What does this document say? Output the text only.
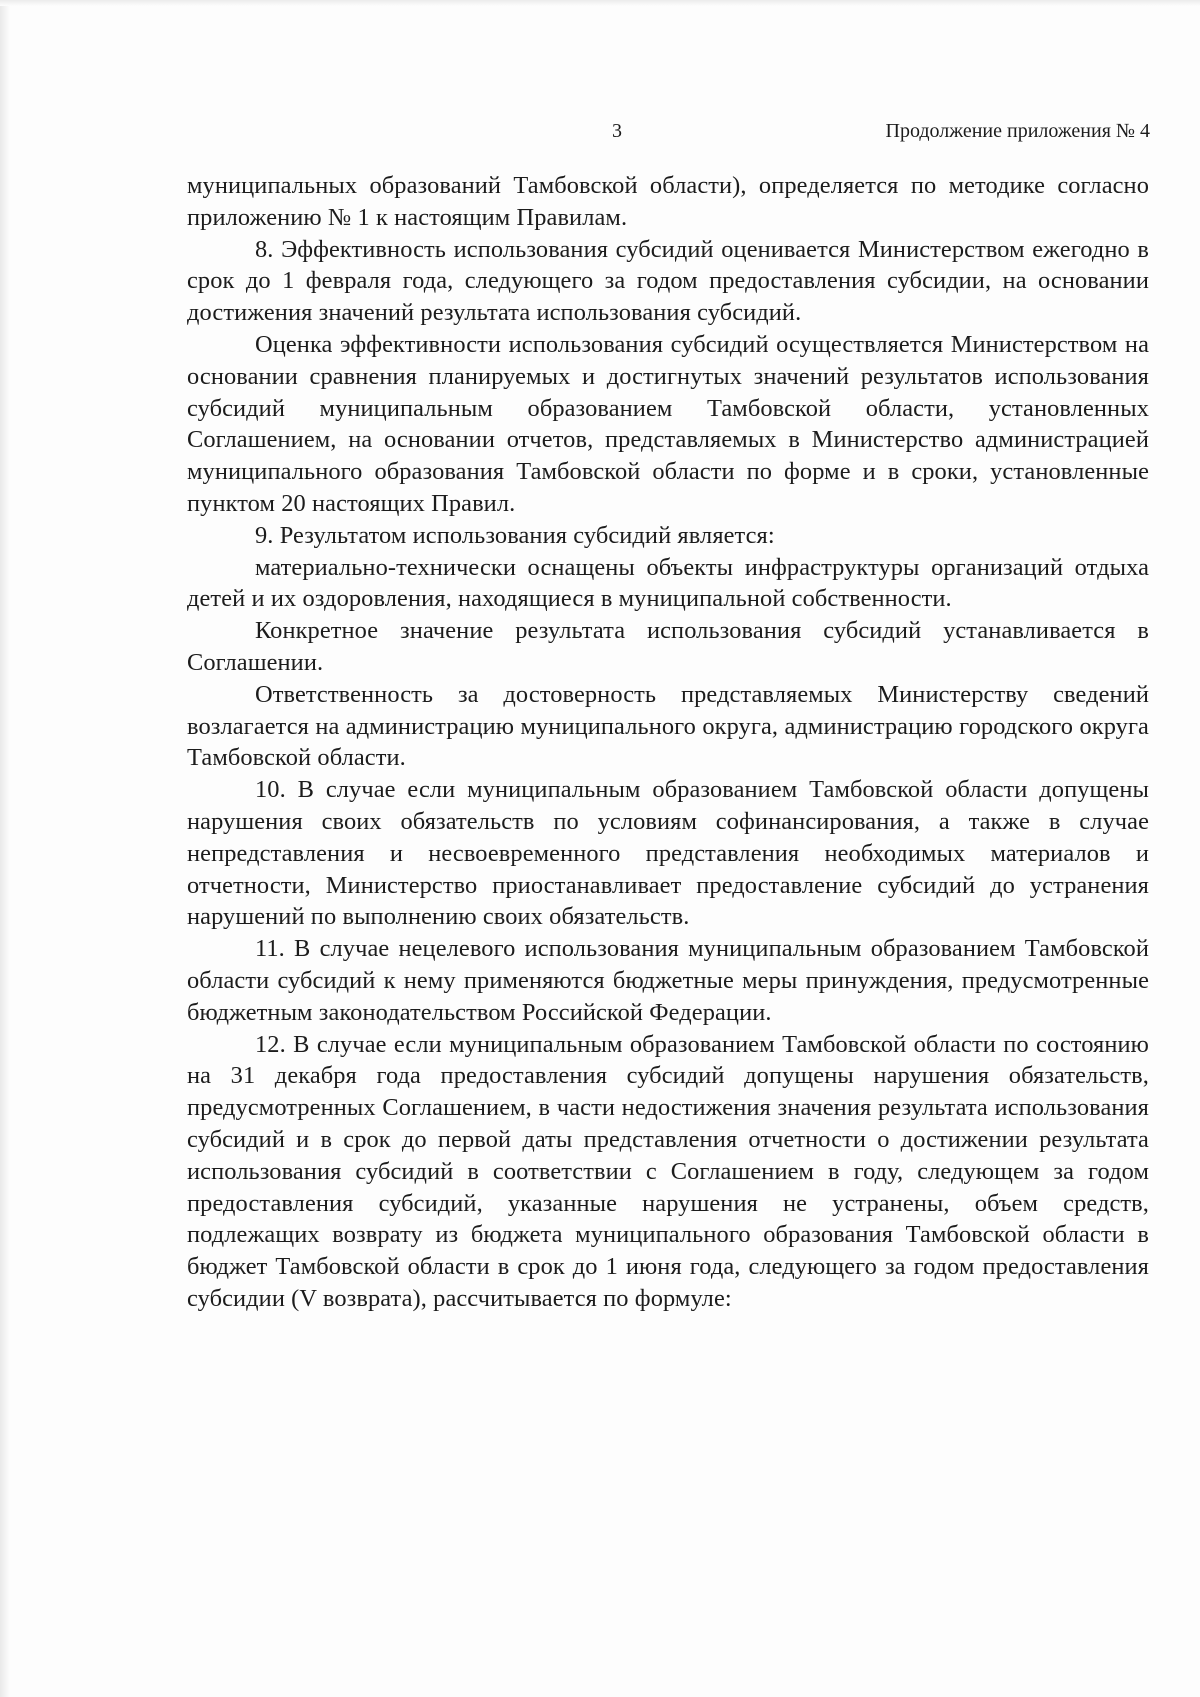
3	Продолжение приложения № 4

муниципальных образований Тамбовской области), определяется по методике согласно приложению № 1 к настоящим Правилам.

8. Эффективность использования субсидий оценивается Министерством ежегодно в срок до 1 февраля года, следующего за годом предоставления субсидии, на основании достижения значений результата использования субсидий.

Оценка эффективности использования субсидий осуществляется Министерством на основании сравнения планируемых и достигнутых значений результатов использования субсидий муниципальным образованием Тамбовской области, установленных Соглашением, на основании отчетов, представляемых в Министерство администрацией муниципального образования Тамбовской области по форме и в сроки, установленные пунктом 20 настоящих Правил.

9. Результатом использования субсидий является:

материально-технически оснащены объекты инфраструктуры организаций отдыха детей и их оздоровления, находящиеся в муниципальной собственности.

Конкретное значение результата использования субсидий устанавливается в Соглашении.

Ответственность за достоверность представляемых Министерству сведений возлагается на администрацию муниципального округа, администрацию городского округа Тамбовской области.

10. В случае если муниципальным образованием Тамбовской области допущены нарушения своих обязательств по условиям софинансирования, а также в случае непредставления и несвоевременного представления необходимых материалов и отчетности, Министерство приостанавливает предоставление субсидий до устранения нарушений по выполнению своих обязательств.

11. В случае нецелевого использования муниципальным образованием Тамбовской области субсидий к нему применяются бюджетные меры принуждения, предусмотренные бюджетным законодательством Российской Федерации.

12. В случае если муниципальным образованием Тамбовской области по состоянию на 31 декабря года предоставления субсидий допущены нарушения обязательств, предусмотренных Соглашением, в части недостижения значения результата использования субсидий и в срок до первой даты представления отчетности о достижении результата использования субсидий в соответствии с Соглашением в году, следующем за годом предоставления субсидий, указанные нарушения не устранены, объем средств, подлежащих возврату из бюджета муниципального образования Тамбовской области в бюджет Тамбовской области в срок до 1 июня года, следующего за годом предоставления субсидии (V возврата), рассчитывается по формуле:
